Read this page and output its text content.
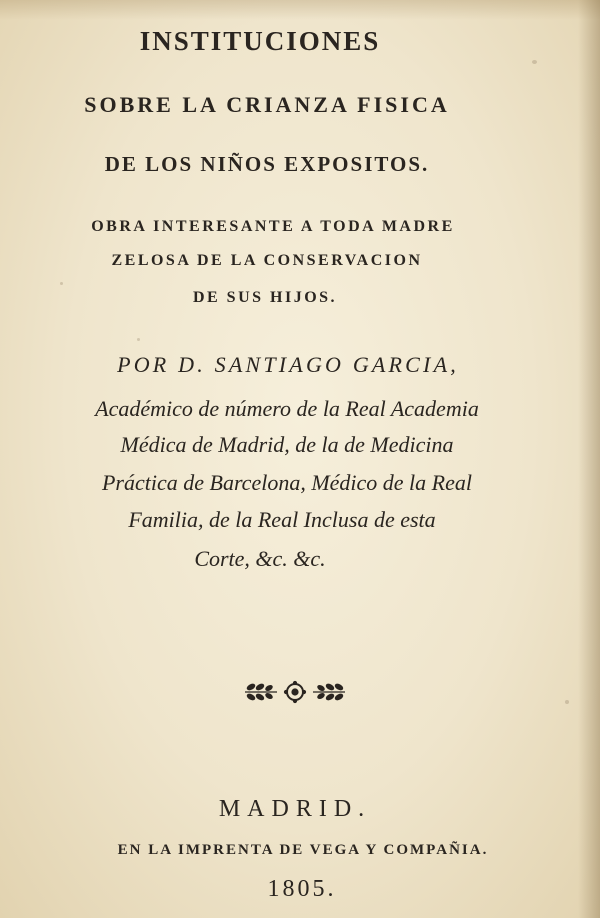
INSTITUCIONES
SOBRE LA CRIANZA FISICA
DE LOS NIÑOS EXPOSITOS.
OBRA INTERESANTE A TODA MADRE
ZELOSA DE LA CONSERVACION
DE SUS HIJOS.
POR D. SANTIAGO GARCIA,
Académico de número de la Real Academia
Médica de Madrid, de la de Medicina
Práctica de Barcelona, Médico de la Real
Familia, de la Real Inclusa de esta
Corte, &c. &c.
MADRID.
EN LA IMPRENTA DE VEGA Y COMPAÑIA.
1805.
